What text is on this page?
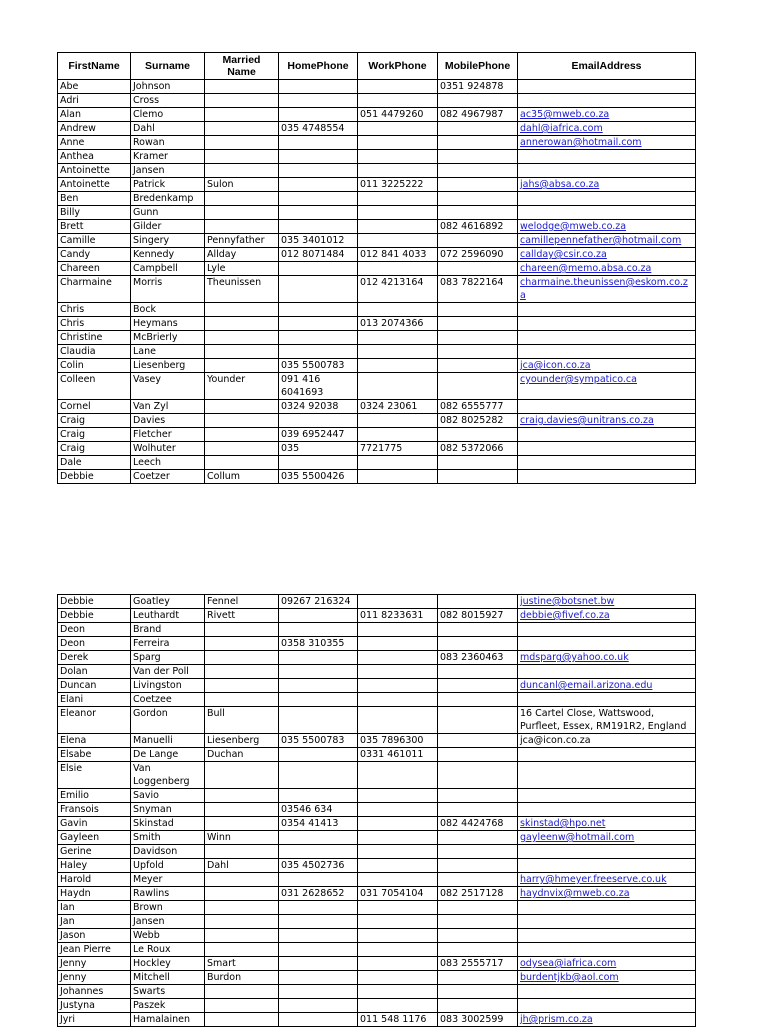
FirstName	Surname	Married Name	HomePhone	WorkPhone	MobilePhone	EmailAddress
Abe	Johnson				0351 924878	
Adri	Cross					
Alan	Clemo			051 4479260	082 4967987	ac35@mweb.co.za
Andrew	Dahl		035 4748554			dahl@iafrica.com
Anne	Rowan					annerowan@hotmail.com
Anthea	Kramer					
Antoinette	Jansen					
Antoinette	Patrick	Sulon		011 3225222		jahs@absa.co.za
Ben	Bredenkamp					
Billy	Gunn					
Brett	Gilder				082 4616892	welodge@mweb.co.za
Camille	Singery	Pennyfather	035 3401012			camillepennefather@hotmail.com
Candy	Kennedy	Allday	012 8071484	012 841 4033	072 2596090	callday@csir.co.za
Chareen	Campbell	Lyle				chareen@memo.absa.co.za
Charmaine	Morris	Theunissen		012 4213164	083 7822164	charmaine.theunissen@eskom.co.za
Chris	Bock					
Chris	Heymans			013 2074366		
Christine	McBrierly					
Claudia	Lane					
Colin	Liesenberg		035 5500783			jca@icon.co.za
Colleen	Vasey	Younder	091 416 6041693			cyounder@sympatico.ca
Cornel	Van Zyl		0324 92038	0324 23061	082 6555777	
Craig	Davies				082 8025282	craig.davies@unitrans.co.za
Craig	Fletcher		039 6952447			
Craig	Wolhuter		035	7721775	082 5372066	
Dale	Leech					
Debbie	Coetzer	Collum	035 5500426			
Debbie	Goatley	Fennel	09267 216324			justine@botsnet.bw
Debbie	Leuthardt	Rivett		011 8233631	082 8015927	debbie@fivef.co.za
Deon	Brand					
Deon	Ferreira		0358 310355			
Derek	Sparg				083 2360463	mdsparg@yahoo.co.uk
Dolan	Van der Poll					
Duncan	Livingston					duncanl@email.arizona.edu
Elani	Coetzee					
Eleanor	Gordon	Bull				16 Cartel Close, Wattswood, Purfleet, Essex, RM191R2, England
Elena	Manuelli	Liesenberg	035 5500783	035 7896300		jca@icon.co.za
Elsabe	De Lange	Duchan		0331 461011		
Elsie	Van Loggenberg					
Emilio	Savio					
Fransois	Snyman		03546 634			
Gavin	Skinstad		0354 41413		082 4424768	skinstad@hpo.net
Gayleen	Smith	Winn				gayleenw@hotmail.com
Gerine	Davidson					
Haley	Upfold	Dahl	035 4502736			
Harold	Meyer					harry@hmeyer.freeserve.co.uk
Haydn	Rawlins		031 2628652	031 7054104	082 2517128	haydnvix@mweb.co.za
Ian	Brown					
Jan	Jansen					
Jason	Webb					
Jean Pierre	Le Roux					
Jenny	Hockley	Smart			083 2555717	odysea@iafrica.com
Jenny	Mitchell	Burdon				burdentjkb@aol.com
Johannes	Swarts					
Justyna	Paszek					
Jyri	Hamalainen			011 548 1176	083 3002599	jh@prism.co.za
